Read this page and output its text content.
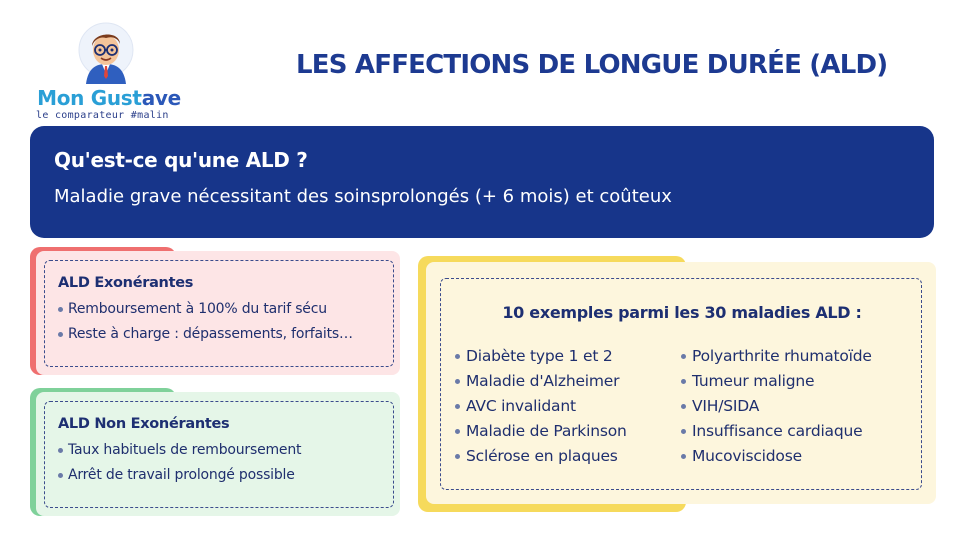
Mon Gustave
le comparateur #malin
LES AFFECTIONS DE LONGUE DURÉE (ALD)
Qu'est-ce qu'une ALD ?
Maladie grave nécessitant des soinsprolongés (+ 6 mois) et coûteux
ALD Exonérantes
Remboursement à 100% du tarif sécu
Reste à charge : dépassements, forfaits…
ALD Non Exonérantes
Taux habituels de remboursement
Arrêt de travail prolongé possible
10 exemples parmi les 30 maladies ALD :
Diabète type 1 et 2
Maladie d'Alzheimer
AVC invalidant
Maladie de Parkinson
Sclérose en plaques
Polyarthrite rhumatoïde
Tumeur maligne
VIH/SIDA
Insuffisance cardiaque
Mucoviscidose
